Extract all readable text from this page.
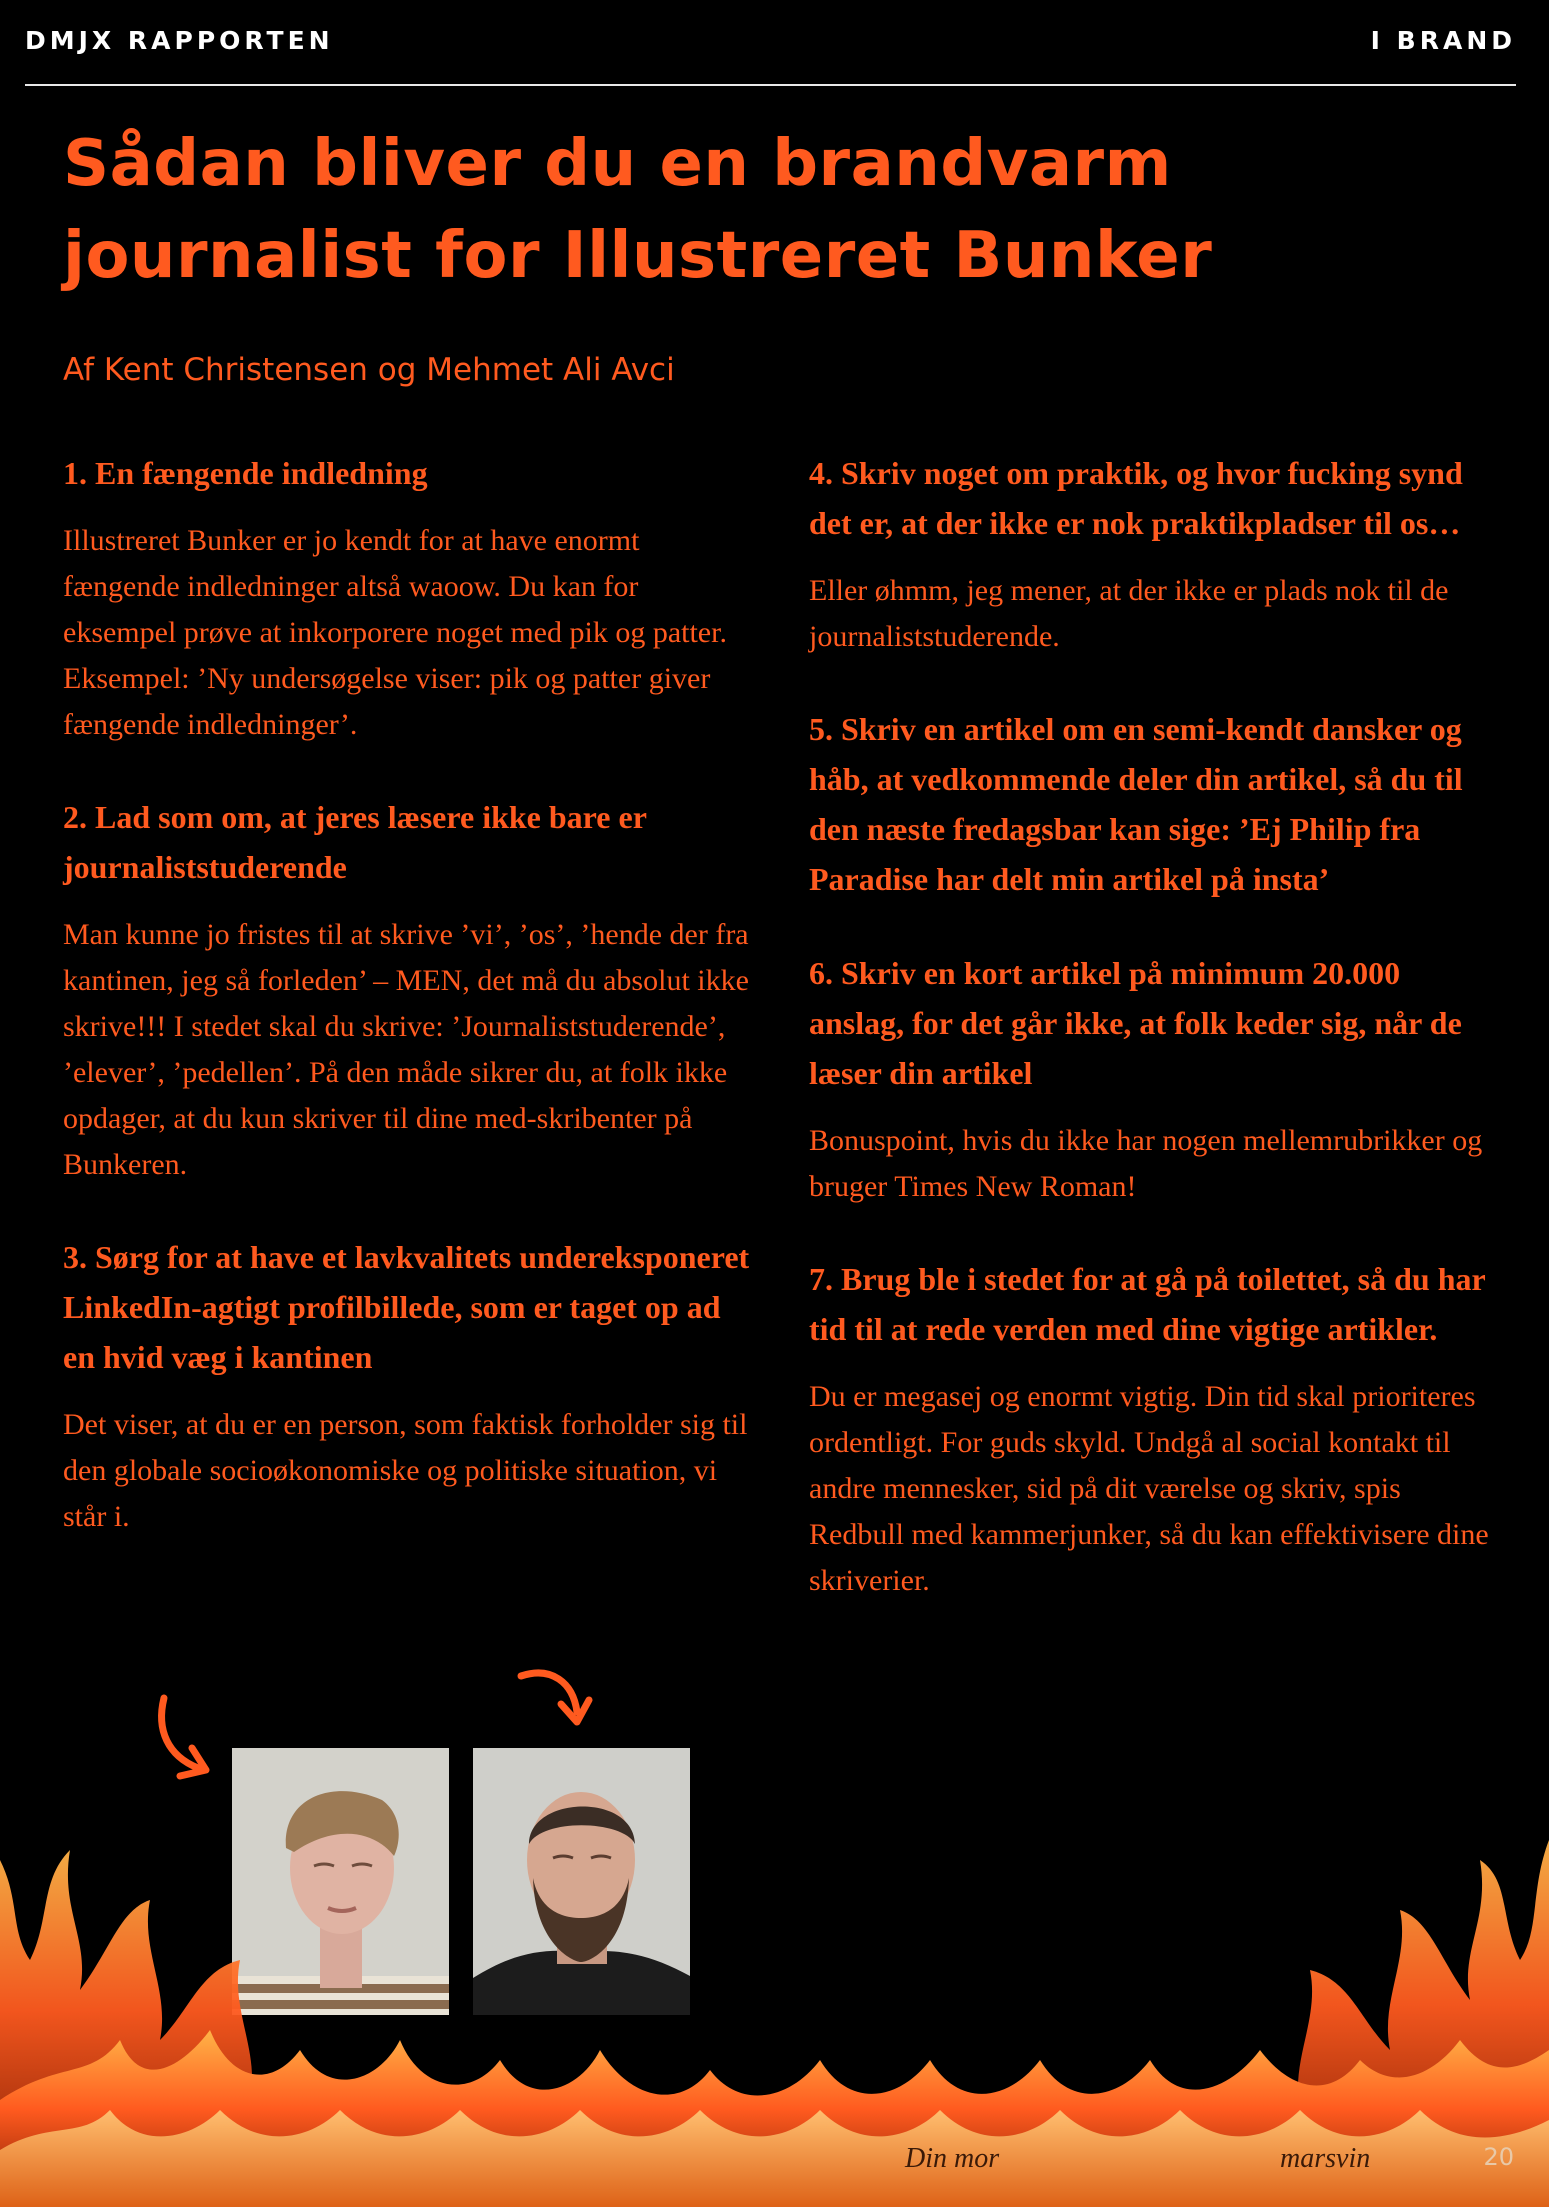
DMJX RAPPORTEN	I BRAND
Sådan bliver du en brandvarm journalist for Illustreret Bunker
Af Kent Christensen og Mehmet Ali Avci
1. En fængende indledning

Illustreret Bunker er jo kendt for at have enormt fængende indledninger altså waoow. Du kan for eksempel prøve at inkorporere noget med pik og patter. Eksempel: ’Ny undersøgelse viser: pik og patter giver fængende indledninger’.

2. Lad som om, at jeres læsere ikke bare er journaliststuderende

Man kunne jo fristes til at skrive ’vi’, ’os’, ’hende der fra kantinen, jeg så forleden’ – MEN, det må du absolut ikke skrive!!! I stedet skal du skrive: ’Journaliststuderende’, ’elever’, ’pedellen’. På den måde sikrer du, at folk ikke opdager, at du kun skriver til dine med-skribenter på Bunkeren.

3. Sørg for at have et lavkvalitets undereksponeret LinkedIn-agtigt profilbillede, som er taget op ad en hvid væg i kantinen

Det viser, at du er en person, som faktisk forholder sig til den globale socioøkonomiske og politiske situation, vi står i.

4. Skriv noget om praktik, og hvor fucking synd det er, at der ikke er nok praktikpladser til os…

Eller øhmm, jeg mener, at der ikke er plads nok til de journaliststuderende.

5. Skriv en artikel om en semi-kendt dansker og håb, at vedkommende deler din artikel, så du til den næste fredagsbar kan sige: ’Ej Philip fra Paradise har delt min artikel på insta’
6. Skriv en kort artikel på minimum 20.000 anslag, for det går ikke, at folk keder sig, når de læser din artikel

Bonuspoint, hvis du ikke har nogen mellemrubrikker og bruger Times New Roman!

7. Brug ble i stedet for at gå på toilettet, så du har tid til at rede verden med dine vigtige artikler.

Du er megasej og enormt vigtig. Din tid skal prioriteres ordentligt. For guds skyld. Undgå al social kontakt til andre mennesker, sid på dit værelse og skriv, spis Redbull med kammerjunker, så du kan effektivisere dine skriverier.

Din mor	marsvin	20
